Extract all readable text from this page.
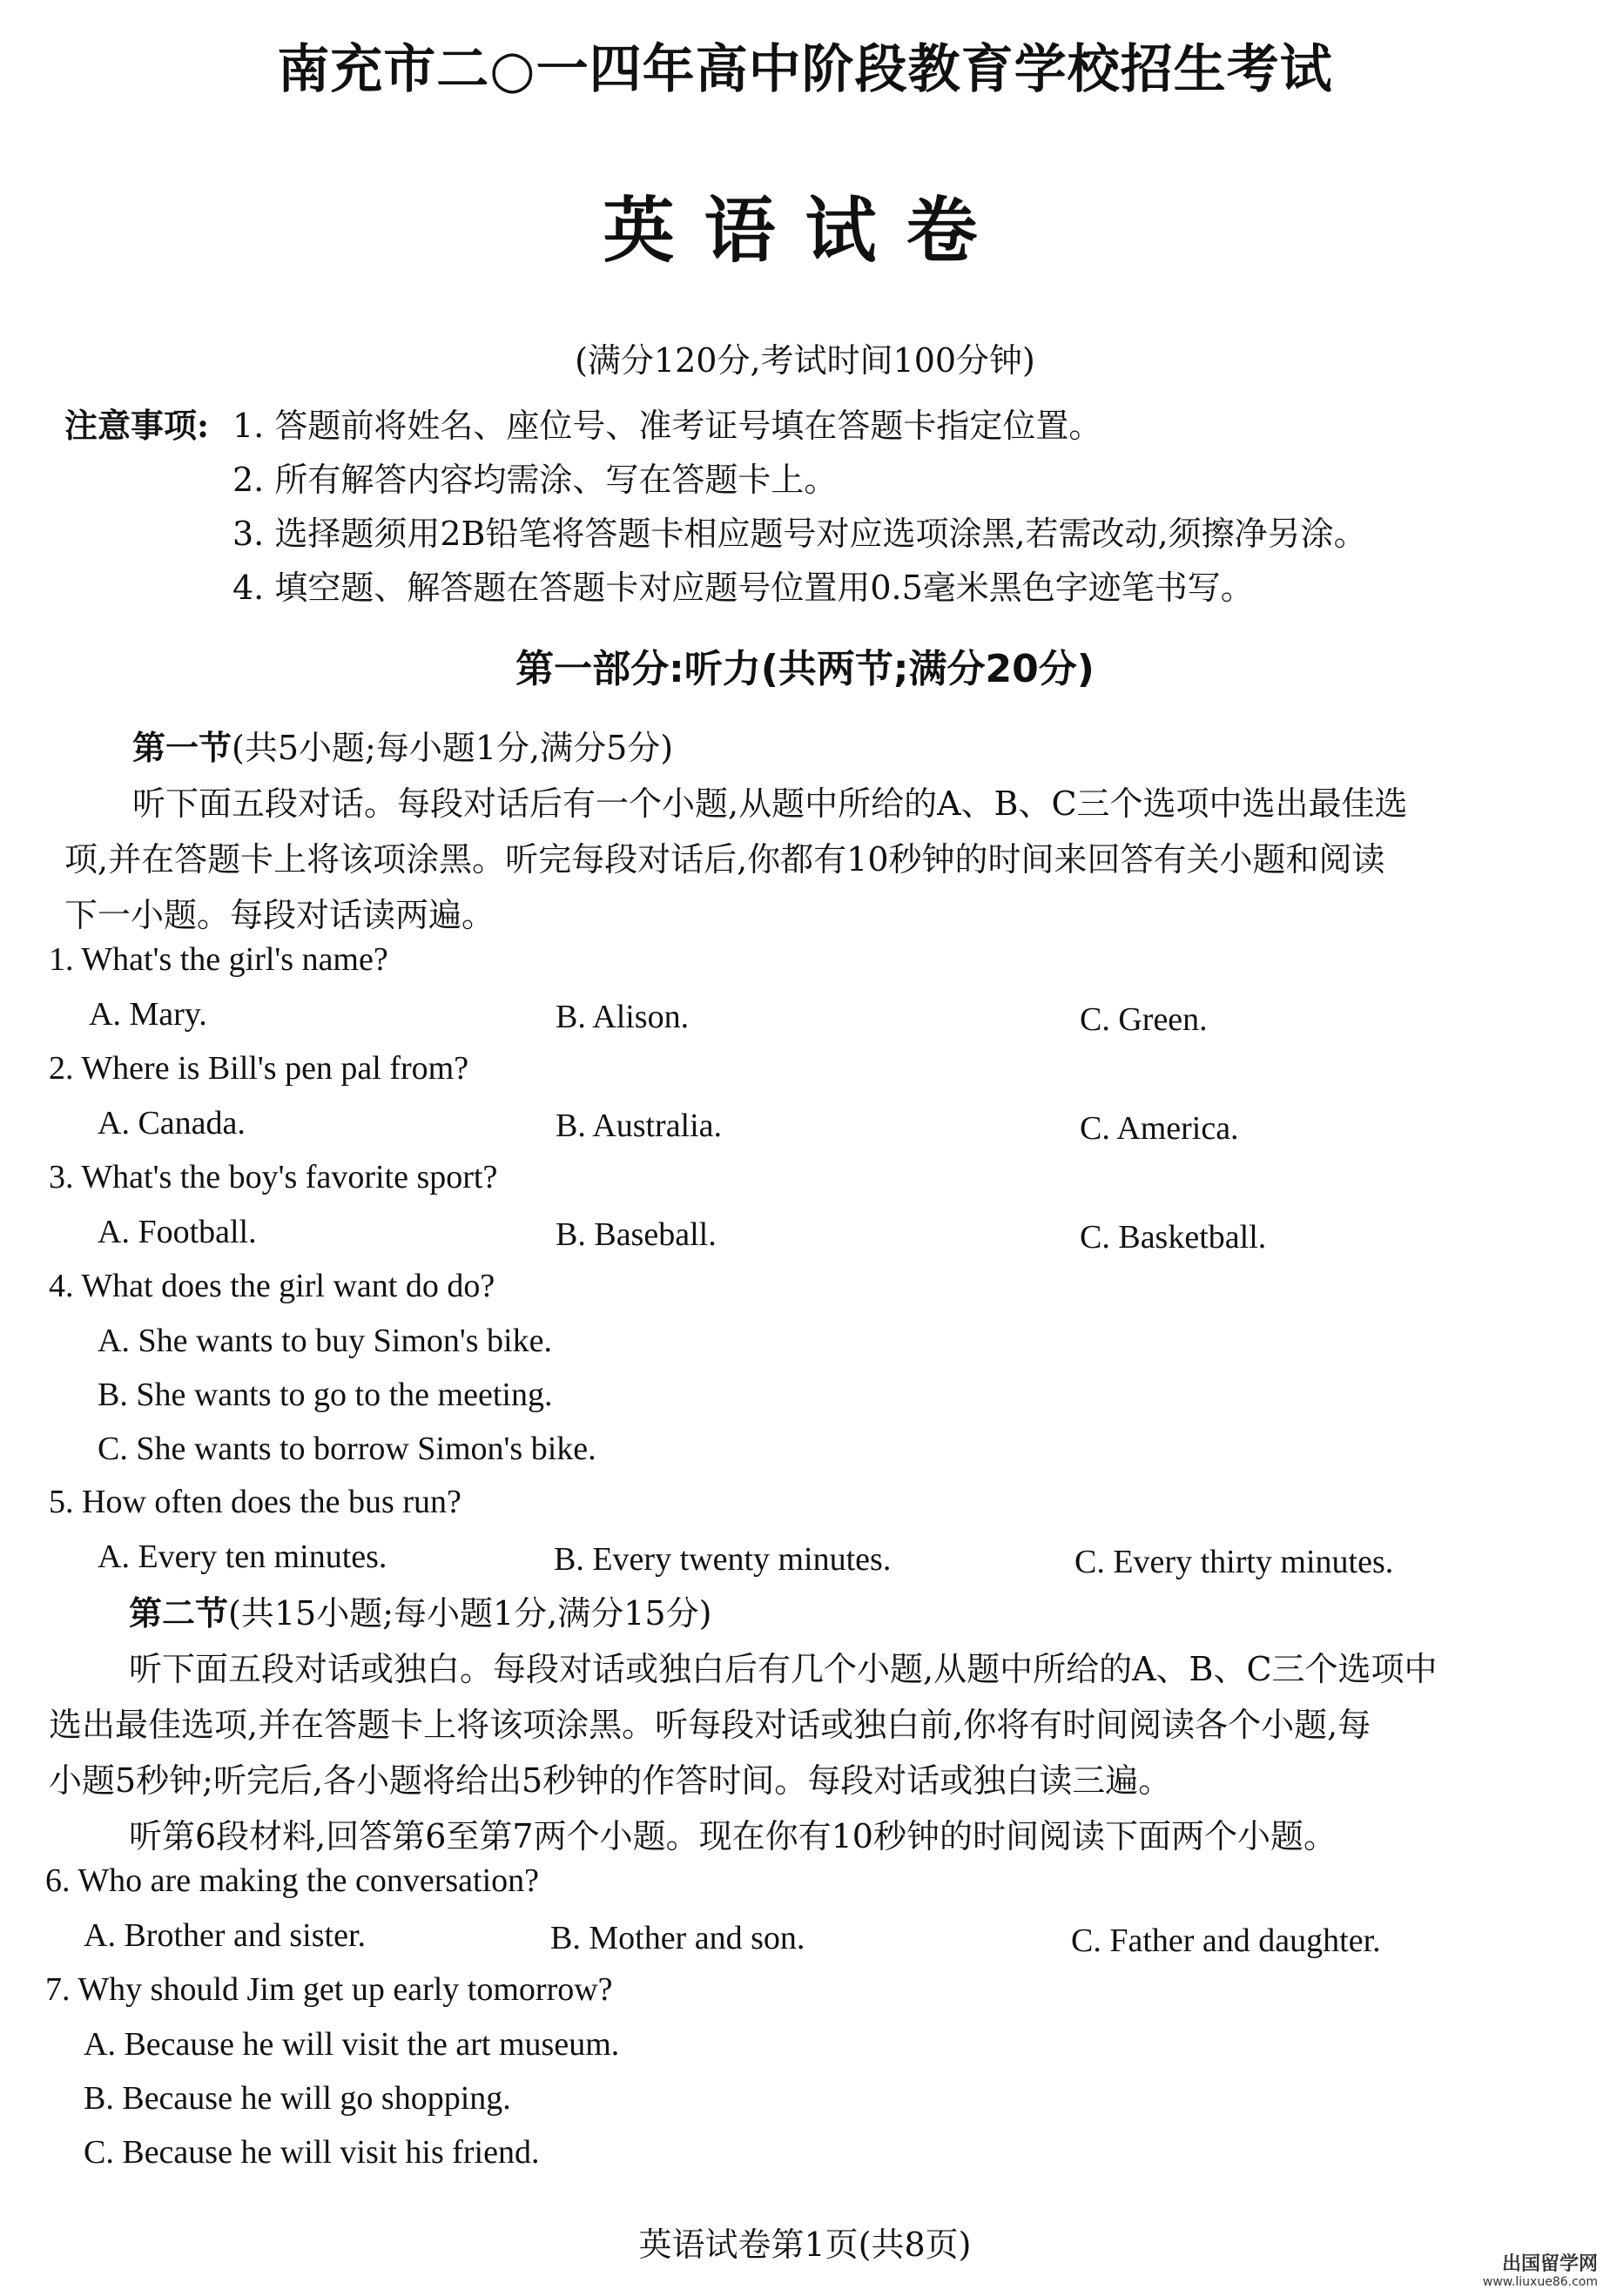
南充市二○一四年高中阶段教育学校招生考试
英语试卷
(满分120分,考试时间100分钟)
注意事项: 1. 答题前将姓名、座位号、准考证号填在答题卡指定位置。
2. 所有解答内容均需涂、写在答题卡上。
3. 选择题须用2B铅笔将答题卡相应题号对应选项涂黑,若需改动,须擦净另涂。
4. 填空题、解答题在答题卡对应题号位置用0.5毫米黑色字迹笔书写。
第一部分:听力(共两节;满分20分)
第一节(共5小题;每小题1分,满分5分)
听下面五段对话。每段对话后有一个小题,从题中所给的A、B、C三个选项中选出最佳选
项,并在答题卡上将该项涂黑。听完每段对话后,你都有10秒钟的时间来回答有关小题和阅读
下一小题。每段对话读两遍。
1. What's the girl's name?
A. Mary.	B. Alison.	C. Green.
2. Where is Bill's pen pal from?
A. Canada.	B. Australia.	C. America.
3. What's the boy's favorite sport?
A. Football.	B. Baseball.	C. Basketball.
4. What does the girl want do do?
A. She wants to buy Simon's bike.
B. She wants to go to the meeting.
C. She wants to borrow Simon's bike.
5. How often does the bus run?
A. Every ten minutes.	B. Every twenty minutes.	C. Every thirty minutes.
第二节(共15小题;每小题1分,满分15分)
听下面五段对话或独白。每段对话或独白后有几个小题,从题中所给的A、B、C三个选项中
选出最佳选项,并在答题卡上将该项涂黑。听每段对话或独白前,你将有时间阅读各个小题,每
小题5秒钟;听完后,各小题将给出5秒钟的作答时间。每段对话或独白读三遍。
听第6段材料,回答第6至第7两个小题。现在你有10秒钟的时间阅读下面两个小题。
6. Who are making the conversation?
A. Brother and sister.	B. Mother and son.	C. Father and daughter.
7. Why should Jim get up early tomorrow?
A. Because he will visit the art museum.
B. Because he will go shopping.
C. Because he will visit his friend.
英语试卷第1页(共8页)
出国留学网
www.liuxue86.com
